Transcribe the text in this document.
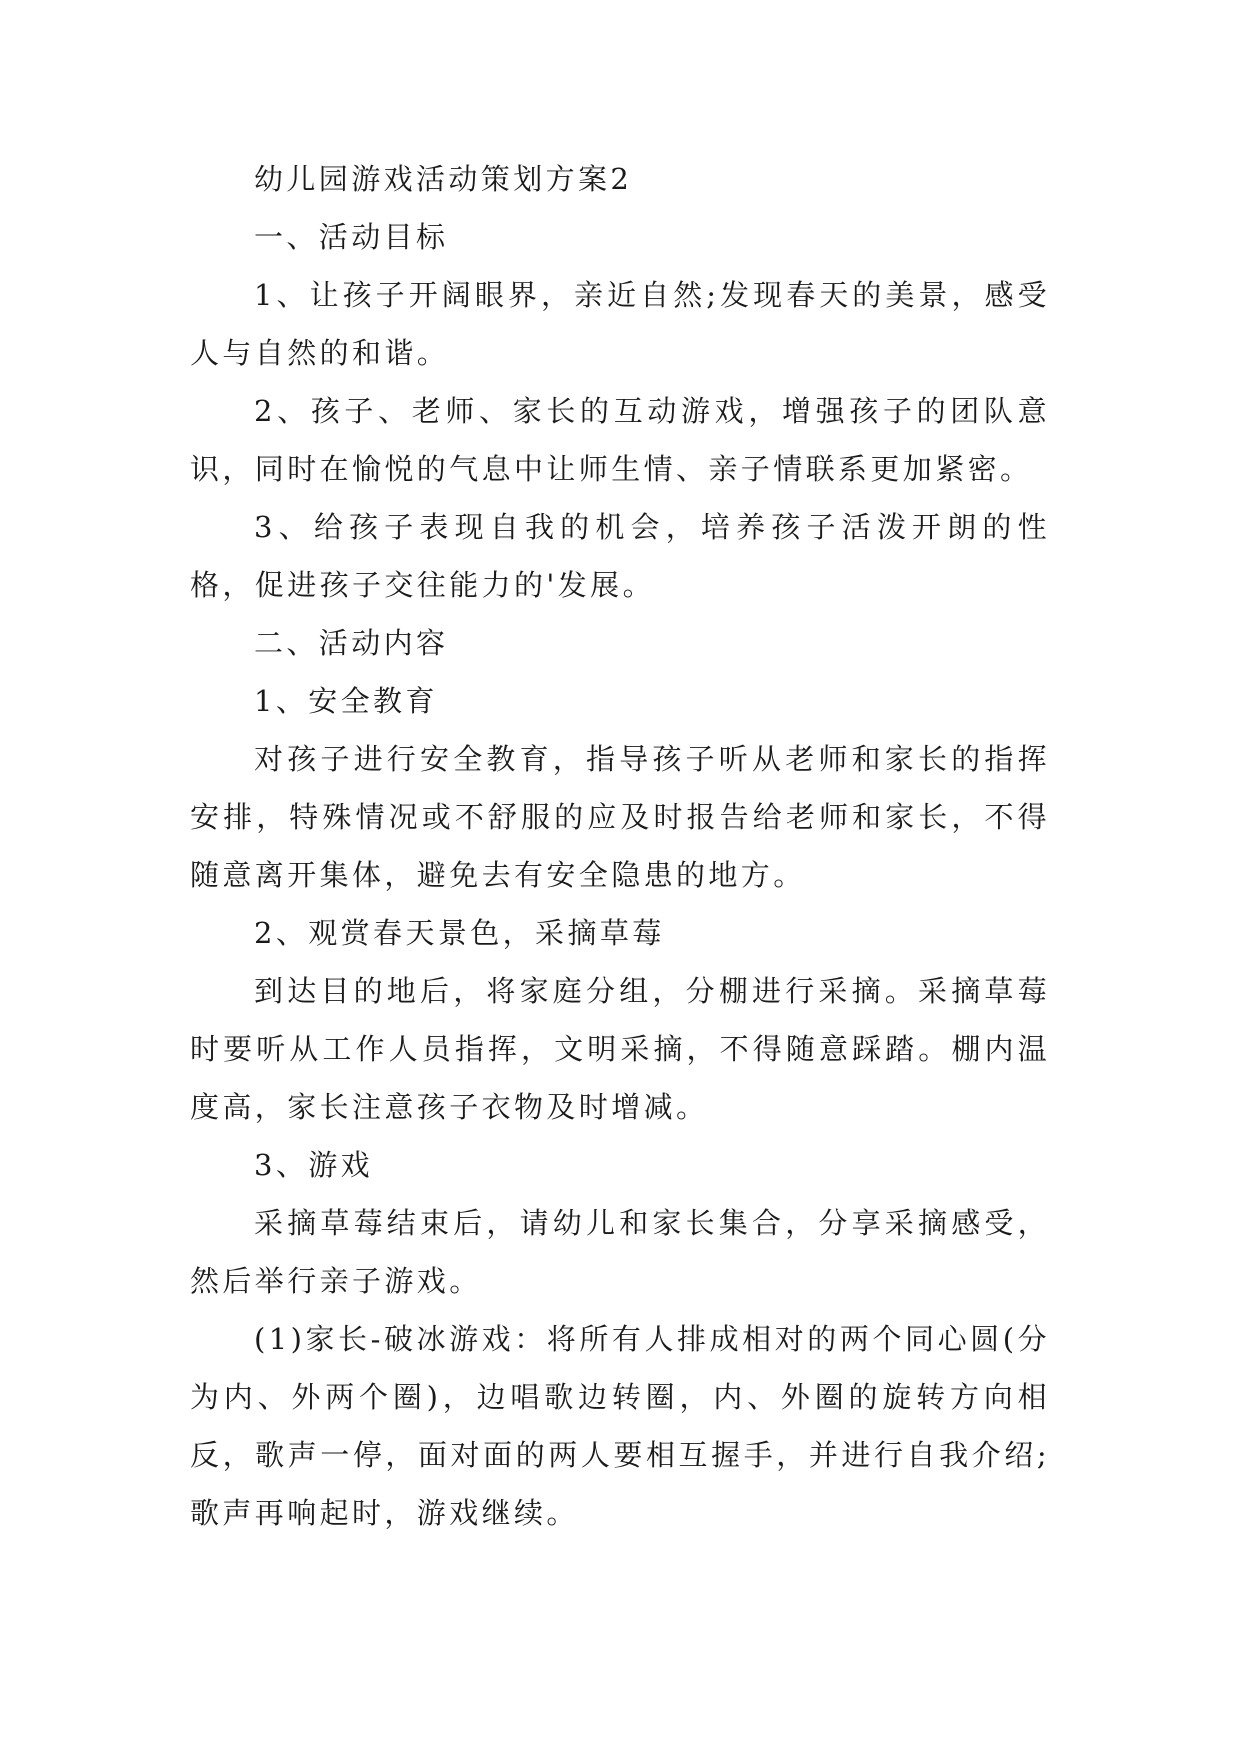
幼儿园游戏活动策划方案2

一、活动目标

1、让孩子开阔眼界，亲近自然;发现春天的美景，感受人与自然的和谐。

2、孩子、老师、家长的互动游戏，增强孩子的团队意识，同时在愉悦的气息中让师生情、亲子情联系更加紧密。

3、给孩子表现自我的机会，培养孩子活泼开朗的性格，促进孩子交往能力的'发展。

二、活动内容

1、安全教育

对孩子进行安全教育，指导孩子听从老师和家长的指挥安排，特殊情况或不舒服的应及时报告给老师和家长，不得随意离开集体，避免去有安全隐患的地方。

2、观赏春天景色，采摘草莓

到达目的地后，将家庭分组，分棚进行采摘。采摘草莓时要听从工作人员指挥，文明采摘，不得随意踩踏。棚内温度高，家长注意孩子衣物及时增减。

3、游戏

采摘草莓结束后，请幼儿和家长集合，分享采摘感受，然后举行亲子游戏。

(1)家长-破冰游戏：将所有人排成相对的两个同心圆(分为内、外两个圈)，边唱歌边转圈，内、外圈的旋转方向相反，歌声一停，面对面的两人要相互握手，并进行自我介绍;歌声再响起时，游戏继续。
